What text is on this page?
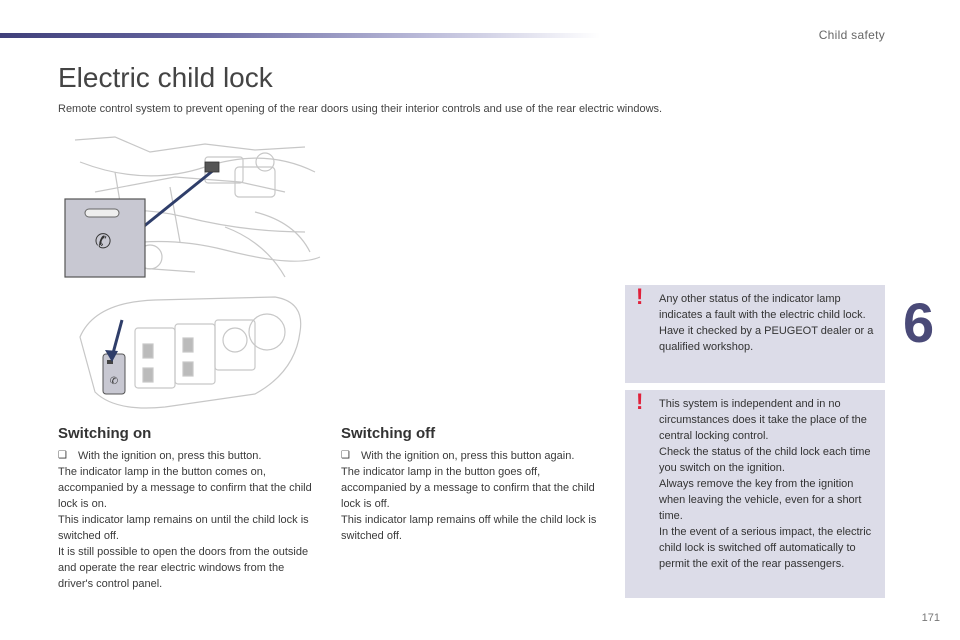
Child safety
Electric child lock
Remote control system to prevent opening of the rear doors using their interior controls and use of the rear electric windows.
✆
✆
Switching on
❑	With the ignition on, press this button.

The indicator lamp in the button comes on, accompanied by a message to confirm that the child lock is on.

This indicator lamp remains on until the child lock is switched off.

It is still possible to open the doors from the outside and operate the rear electric windows from the driver's control panel.

Switching off
❑	With the ignition on, press this button again.

The indicator lamp in the button goes off, accompanied by a message to confirm that the child lock is off.

This indicator lamp remains off while the child lock is switched off.

! Any other status of the indicator lamp indicates a fault with the electric child lock.

Have it checked by a PEUGEOT dealer or a qualified workshop.

! This system is independent and in no circumstances does it take the place of the central locking control.

Check the status of the child lock each time you switch on the ignition.

Always remove the key from the ignition when leaving the vehicle, even for a short time.

In the event of a serious impact, the electric child lock is switched off automatically to permit the exit of the rear passengers.

6
171
